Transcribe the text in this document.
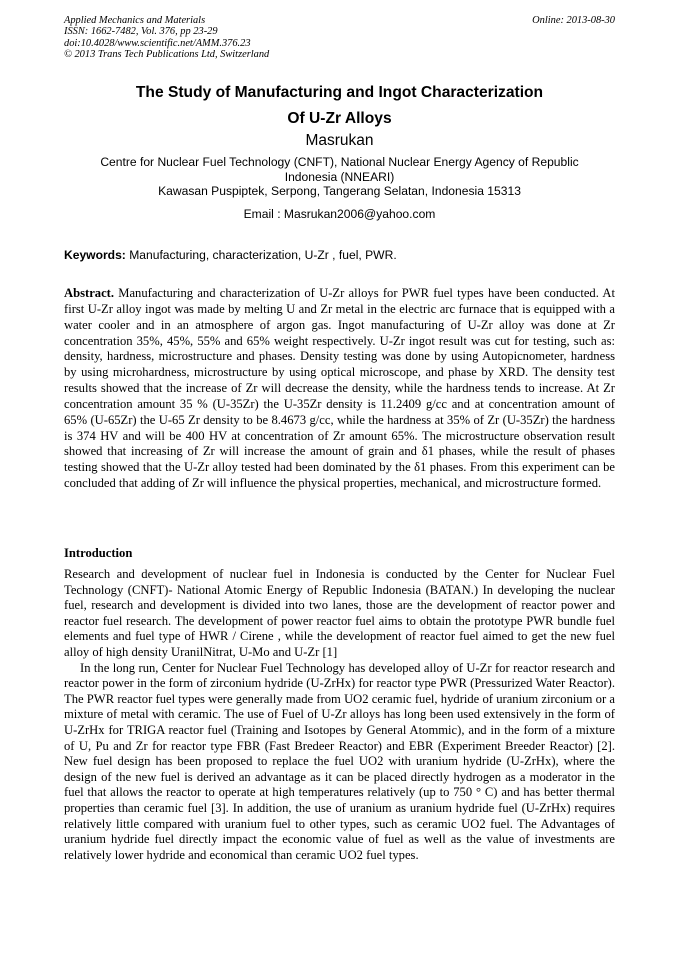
Applied Mechanics and Materials
ISSN: 1662-7482, Vol. 376, pp 23-29
doi:10.4028/www.scientific.net/AMM.376.23
© 2013 Trans Tech Publications Ltd, Switzerland
Online: 2013-08-30
The Study of Manufacturing and Ingot Characterization
Of U-Zr Alloys
Masrukan
Centre for Nuclear Fuel Technology (CNFT), National Nuclear Energy Agency of Republic
Indonesia (NNEARI)
Kawasan Puspiptek, Serpong, Tangerang Selatan, Indonesia 15313
Email : Masrukan2006@yahoo.com
Keywords: Manufacturing, characterization, U-Zr , fuel, PWR.
Abstract. Manufacturing and characterization of U-Zr alloys for PWR fuel types have been conducted. At first U-Zr alloy ingot was made by melting U and Zr metal in the electric arc furnace that is equipped with a water cooler and in an atmosphere of argon gas. Ingot manufacturing of U-Zr alloy was done at Zr concentration 35%, 45%, 55% and 65% weight respectively. U-Zr ingot result was cut for testing, such as: density, hardness, microstructure and phases. Density testing was done by using Autopicnometer, hardness by using microhardness, microstructure by using optical microscope, and phase by XRD. The density test results showed that the increase of Zr will decrease the density, while the hardness tends to increase. At Zr concentration amount 35 % (U-35Zr) the U-35Zr density is 11.2409 g/cc and at concentration amount of 65% (U-65Zr) the U-65 Zr density to be 8.4673 g/cc, while the hardness at 35% of Zr (U-35Zr) the hardness is 374 HV and will be 400 HV at concentration of Zr amount 65%. The microstructure observation result showed that increasing of Zr will increase the amount of grain and δ1 phases, while the result of phases testing showed that the U-Zr alloy tested had been dominated by the δ1 phases. From this experiment can be concluded that adding of Zr will influence the physical properties, mechanical, and microstructure formed.
Introduction

Research and development of nuclear fuel in Indonesia is conducted by the Center for Nuclear Fuel Technology (CNFT)- National Atomic Energy of Republic Indonesia (BATAN.) In developing the nuclear fuel, research and development is divided into two lanes, those are the development of reactor power and reactor fuel research. The development of power reactor fuel aims to obtain the prototype PWR bundle fuel elements and fuel type of HWR / Cirene , while the development of reactor fuel aimed to get the new fuel alloy of high density UranilNitrat, U-Mo and U-Zr [1]

In the long run, Center for Nuclear Fuel Technology has developed alloy of U-Zr for reactor research and reactor power in the form of zirconium hydride (U-ZrHx) for reactor type PWR (Pressurized Water Reactor). The PWR reactor fuel types were generally made from UO2 ceramic fuel, hydride of uranium zirconium or a mixture of metal with ceramic. The use of Fuel of U-Zr alloys has long been used extensively in the form of U-ZrHx for TRIGA reactor fuel (Training and Isotopes by General Atommic), and in the form of a mixture of U, Pu and Zr for reactor type FBR (Fast Bredeer Reactor) and EBR (Experiment Breeder Reactor) [2]. New fuel design has been proposed to replace the fuel UO2 with uranium hydride (U-ZrHx), where the design of the new fuel is derived an advantage as it can be placed directly hydrogen as a moderator in the fuel that allows the reactor to operate at high temperatures relatively (up to 750 ° C) and has better thermal properties than ceramic fuel [3]. In addition, the use of uranium as uranium hydride fuel (U-ZrHx) requires relatively little compared with uranium fuel to other types, such as ceramic UO2 fuel. The Advantages of uranium hydride fuel directly impact the economic value of fuel as well as the value of investments are relatively lower hydride and economical than ceramic UO2 fuel types.
